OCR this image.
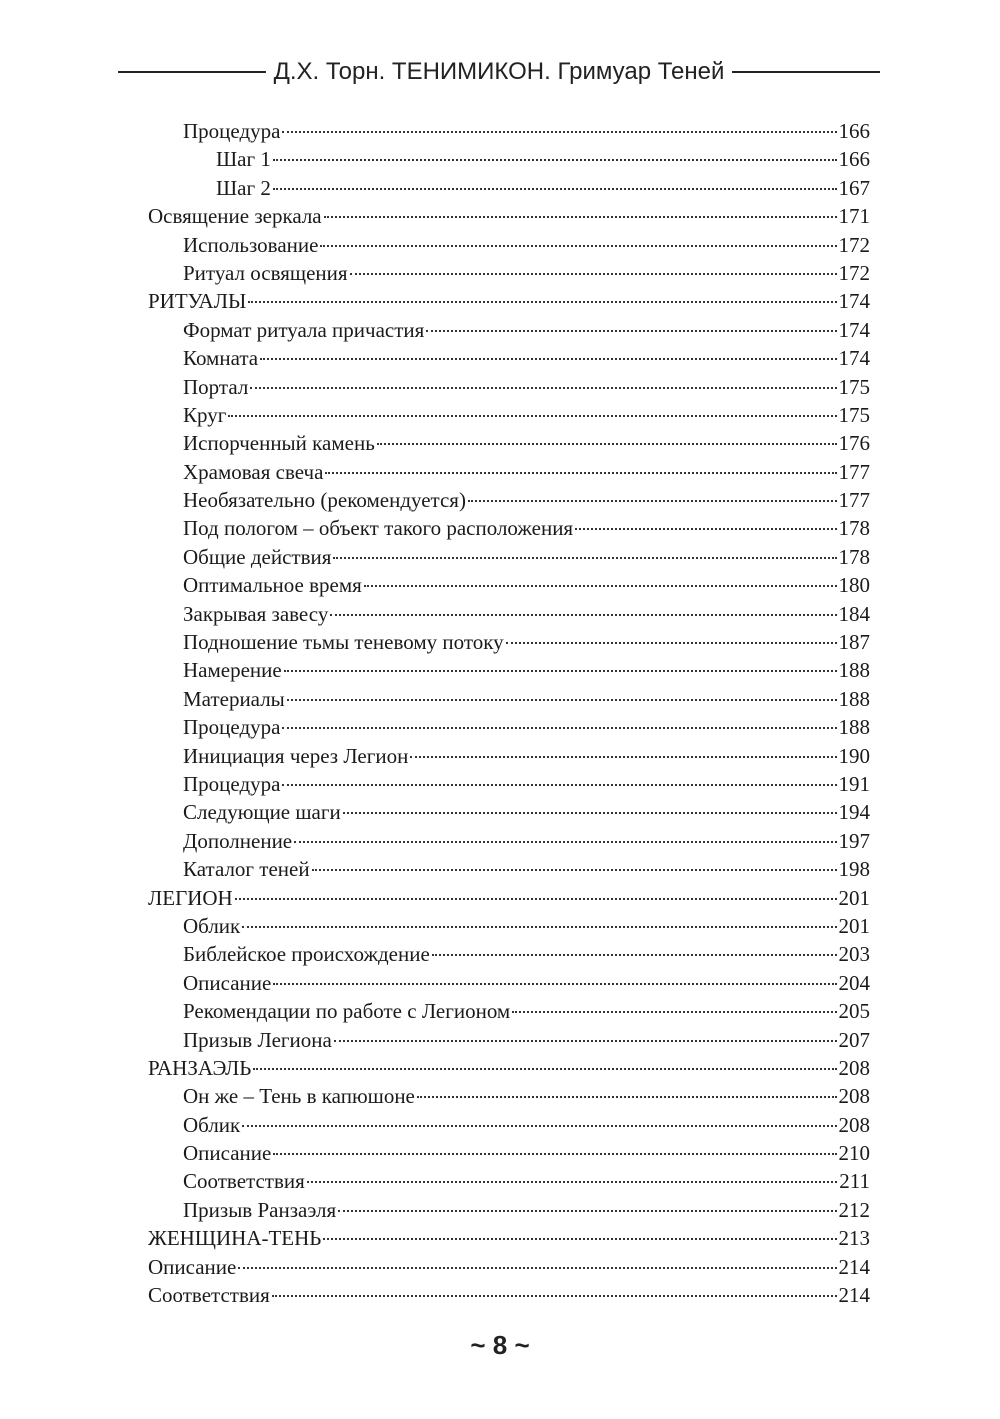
Д.Х. Торн. ТЕНИМИКОН. Гримуар Теней
Процедура	166
Шаг 1	166
Шаг 2	167
Освящение зеркала	171
Использование	172
Ритуал освящения	172
РИТУАЛЫ	174
Формат ритуала причастия	174
Комната	174
Портал	175
Круг	175
Испорченный камень	176
Храмовая свеча	177
Необязательно (рекомендуется)	177
Под пологом – объект такого расположения	178
Общие действия	178
Оптимальное время	180
Закрывая завесу	184
Подношение тьмы теневому потоку	187
Намерение	188
Материалы	188
Процедура	188
Инициация через Легион	190
Процедура	191
Следующие шаги	194
Дополнение	197
Каталог теней	198
ЛЕГИОН	201
Облик	201
Библейское происхождение	203
Описание	204
Рекомендации по работе с Легионом	205
Призыв Легиона	207
РАНЗАЭЛЬ	208
Он же – Тень в капюшоне	208
Облик	208
Описание	210
Соответствия	211
Призыв Ранзаэля	212
ЖЕНЩИНА-ТЕНЬ	213
Описание	214
Соответствия	214
~ 8 ~
